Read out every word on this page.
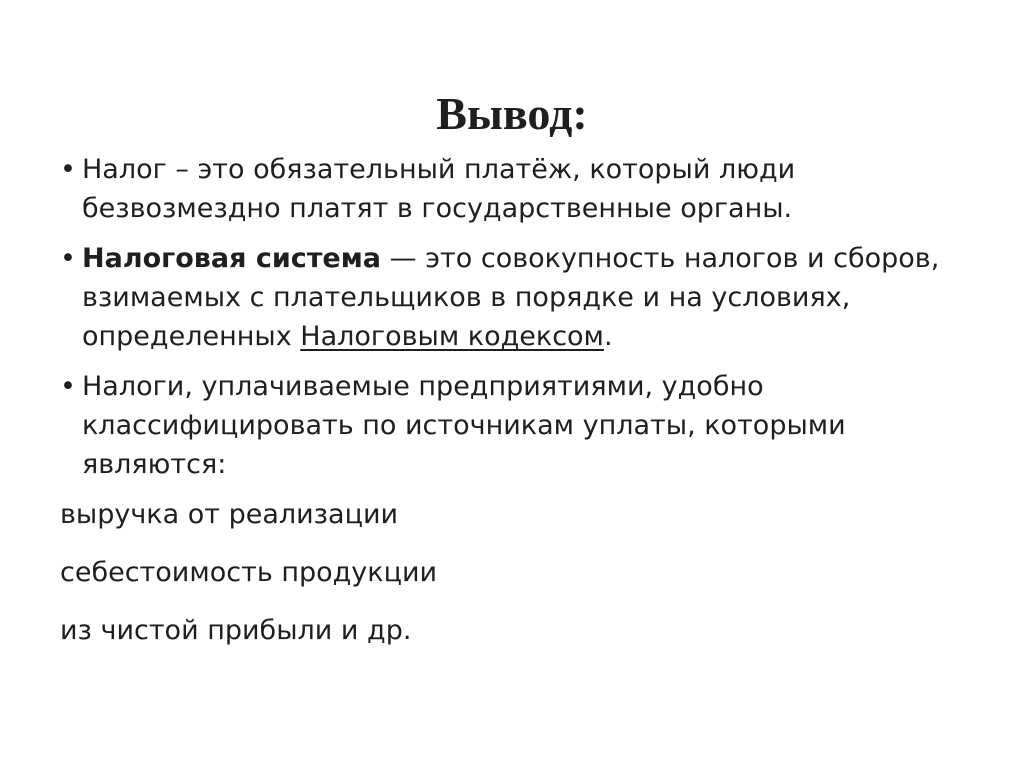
Вывод:
• Налог – это обязательный платёж, который люди безвозмездно платят в государственные органы.
• Налоговая система — это совокупность налогов и сборов, взимаемых с плательщиков в порядке и на условиях, определенных Налоговым кодексом.
• Налоги, уплачиваемые предприятиями, удобно классифицировать по источникам уплаты, которыми являются:
выручка от реализации
себестоимость продукции
из чистой прибыли и др.
